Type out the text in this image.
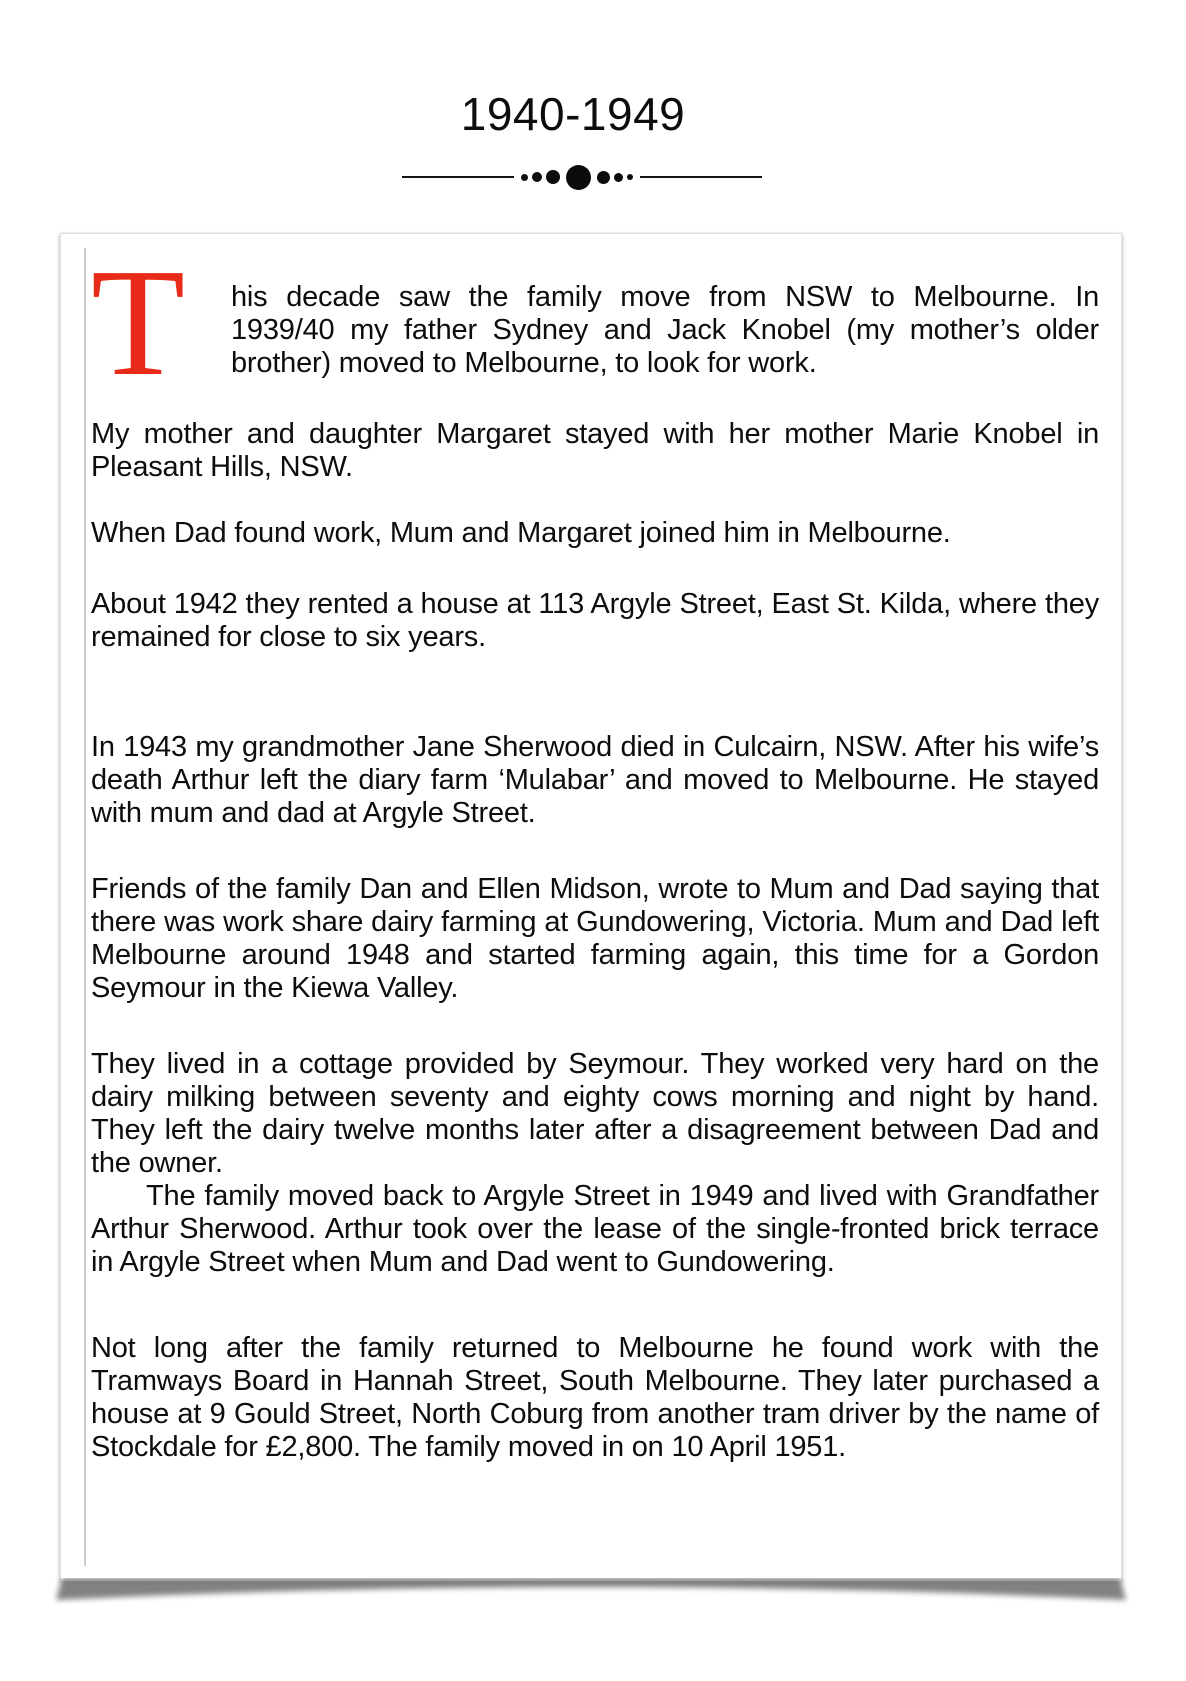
1940-1949

T	his decade saw the family move from NSW to Melbourne. In 1939/40 my father Sydney and Jack Knobel (my mother’s older brother) moved to Melbourne, to look for work.

My mother and daughter Margaret stayed with her mother Marie Knobel in Pleasant Hills, NSW.

When Dad found work, Mum and Margaret joined him in Melbourne.

About 1942 they rented a house at 113 Argyle Street, East St. Kilda, where they remained for close to six years.

In 1943 my grandmother Jane Sherwood died in Culcairn, NSW. After his wife’s death Arthur left the diary farm ‘Mulabar’ and moved to Melbourne. He stayed with mum and dad at Argyle Street.

Friends of the family Dan and Ellen Midson, wrote to Mum and Dad saying that there was work share dairy farming at Gundowering, Victoria. Mum and Dad left Melbourne around 1948 and started farming again, this time for a Gordon Seymour in the Kiewa Valley.

They lived in a cottage provided by Seymour. They worked very hard on the dairy milking between seventy and eighty cows morning and night by hand. They left the dairy twelve months later after a disagreement between Dad and the owner.

The family moved back to Argyle Street in 1949 and lived with Grandfather Arthur Sherwood. Arthur took over the lease of the single-fronted brick terrace in Argyle Street when Mum and Dad went to Gundowering.

Not long after the family returned to Melbourne he found work with the Tramways Board in Hannah Street, South Melbourne. They later purchased a house at 9 Gould Street, North Coburg from another tram driver by the name of Stockdale for £2,800. The family moved in on 10 April 1951.
